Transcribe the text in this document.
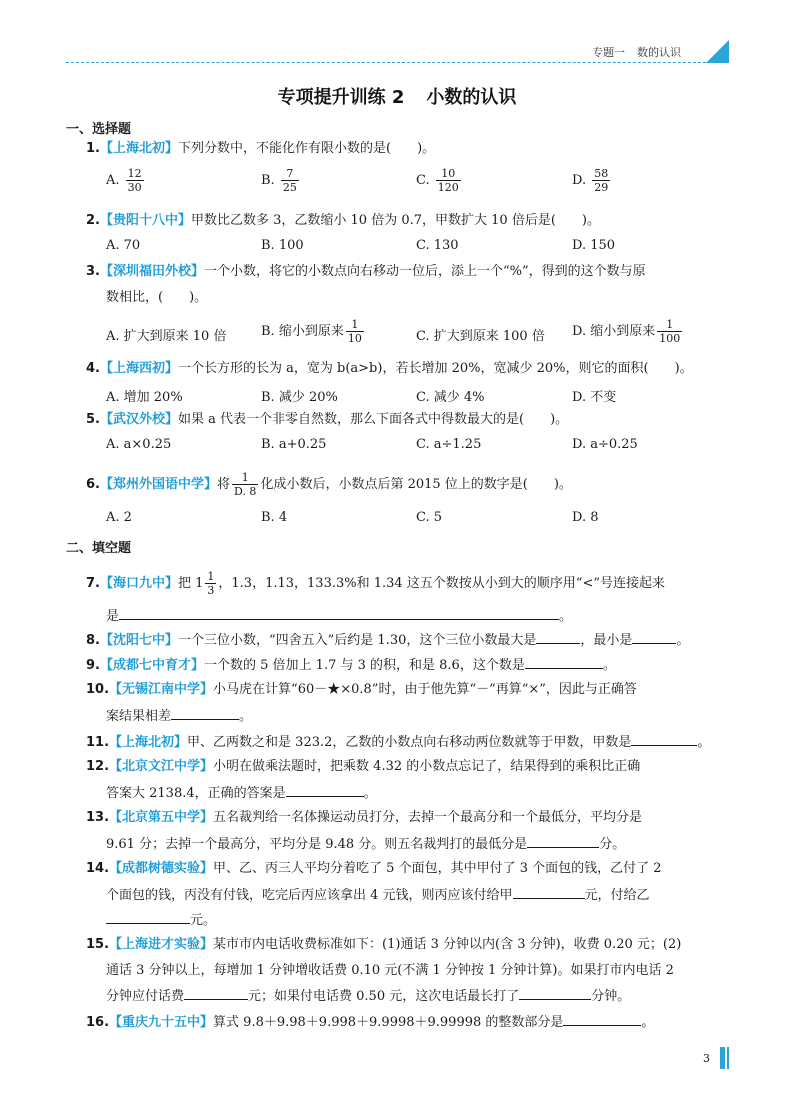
专题一 数的认识
专项提升训练 2 小数的认识
一、选择题
1.【上海北初】下列分数中，不能化作有限小数的是(　　)。
A. $\frac{12}{30}$	B. $\frac{7}{25}$	C. $\frac{10}{120}$	D. $\frac{58}{29}$
2.【贵阳十八中】甲数比乙数多 3，乙数缩小 10 倍为 0.7，甲数扩大 10 倍后是(　　)。
A. 70	B. 100	C. 130	D. 150
3.【深圳福田外校】一个小数，将它的小数点向右移动一位后，添上一个“%”，得到的这个数与原
数相比，(　　)。
A. 扩大到原来 10 倍	B. 缩小到原来 $\frac{1}{10}$	C. 扩大到原来 100 倍 D. 缩小到原来 $\frac{1}{100}$
4.【上海西初】一个长方形的长为 a，宽为 b(a>b)，若长增加 20%，宽减少 20%，则它的面积(　　)。
A. 增加 20%	B. 减少 20%	C. 减少 4%	D. 不变
5.【武汉外校】如果 a 代表一个非零自然数，那么下面各式中得数最大的是(　　)。
A. a×0.25	B. a+0.25	C. a÷1.25	D. a÷0.25
6.【郑州外国语中学】将 $\frac{1}{D. 8}$ 化成小数后，小数点后第 2015 位上的数字是(　　)。
A. 2	B. 4	C. 5	D. 8
二、填空题
7.【海口九中】把 $1 \frac{1}{3}$ ，1.3，1.13，133.3%和 1.34 这五个数按从小到大的顺序用“<”号连接起来
是	。
8.【沈阳七中】一个三位小数，“四舍五入”后约是 1.30，这个三位小数最大是	，最小是	。
9.【成都七中育才】一个数的 5 倍加上 1.7 与 3 的积，和是 8.6，这个数是	。
10.【无锡江南中学】小马虎在计算“60－★×0.8”时，由于他先算“－”再算“×”，因此与正确答
案结果相差	。
11.【上海北初】甲、乙两数之和是 323.2，乙数的小数点向右移动两位数就等于甲数，甲数是	。
12.【北京文江中学】小明在做乘法题时，把乘数 4.32 的小数点忘记了，结果得到的乘积比正确
答案大 2138.4，正确的答案是	。
13.【北京第五中学】五名裁判给一名体操运动员打分，去掉一个最高分和一个最低分，平均分是
9.61 分；去掉一个最高分，平均分是 9.48 分。则五名裁判打的最低分是	分。
14.【成都树德实验】甲、乙、丙三人平均分着吃了 5 个面包，其中甲付了 3 个面包的钱，乙付了 2
个面包的钱，丙没有付钱，吃完后丙应该拿出 4 元钱，则丙应该付给甲	元，付给乙
元。
15.【上海进才实验】某市市内电话收费标准如下：(1)通话 3 分钟以内(含 3 分钟)，收费 0.20 元；(2)
通话 3 分钟以上，每增加 1 分钟增收话费 0.10 元(不满 1 分钟按 1 分钟计算)。如果打市内电话 2
分钟应付话费	元；如果付电话费 0.50 元，这次电话最长打了	分钟。
16.【重庆九十五中】算式 9.8＋9.98＋9.998＋9.9998＋9.99998 的整数部分是	。
3
